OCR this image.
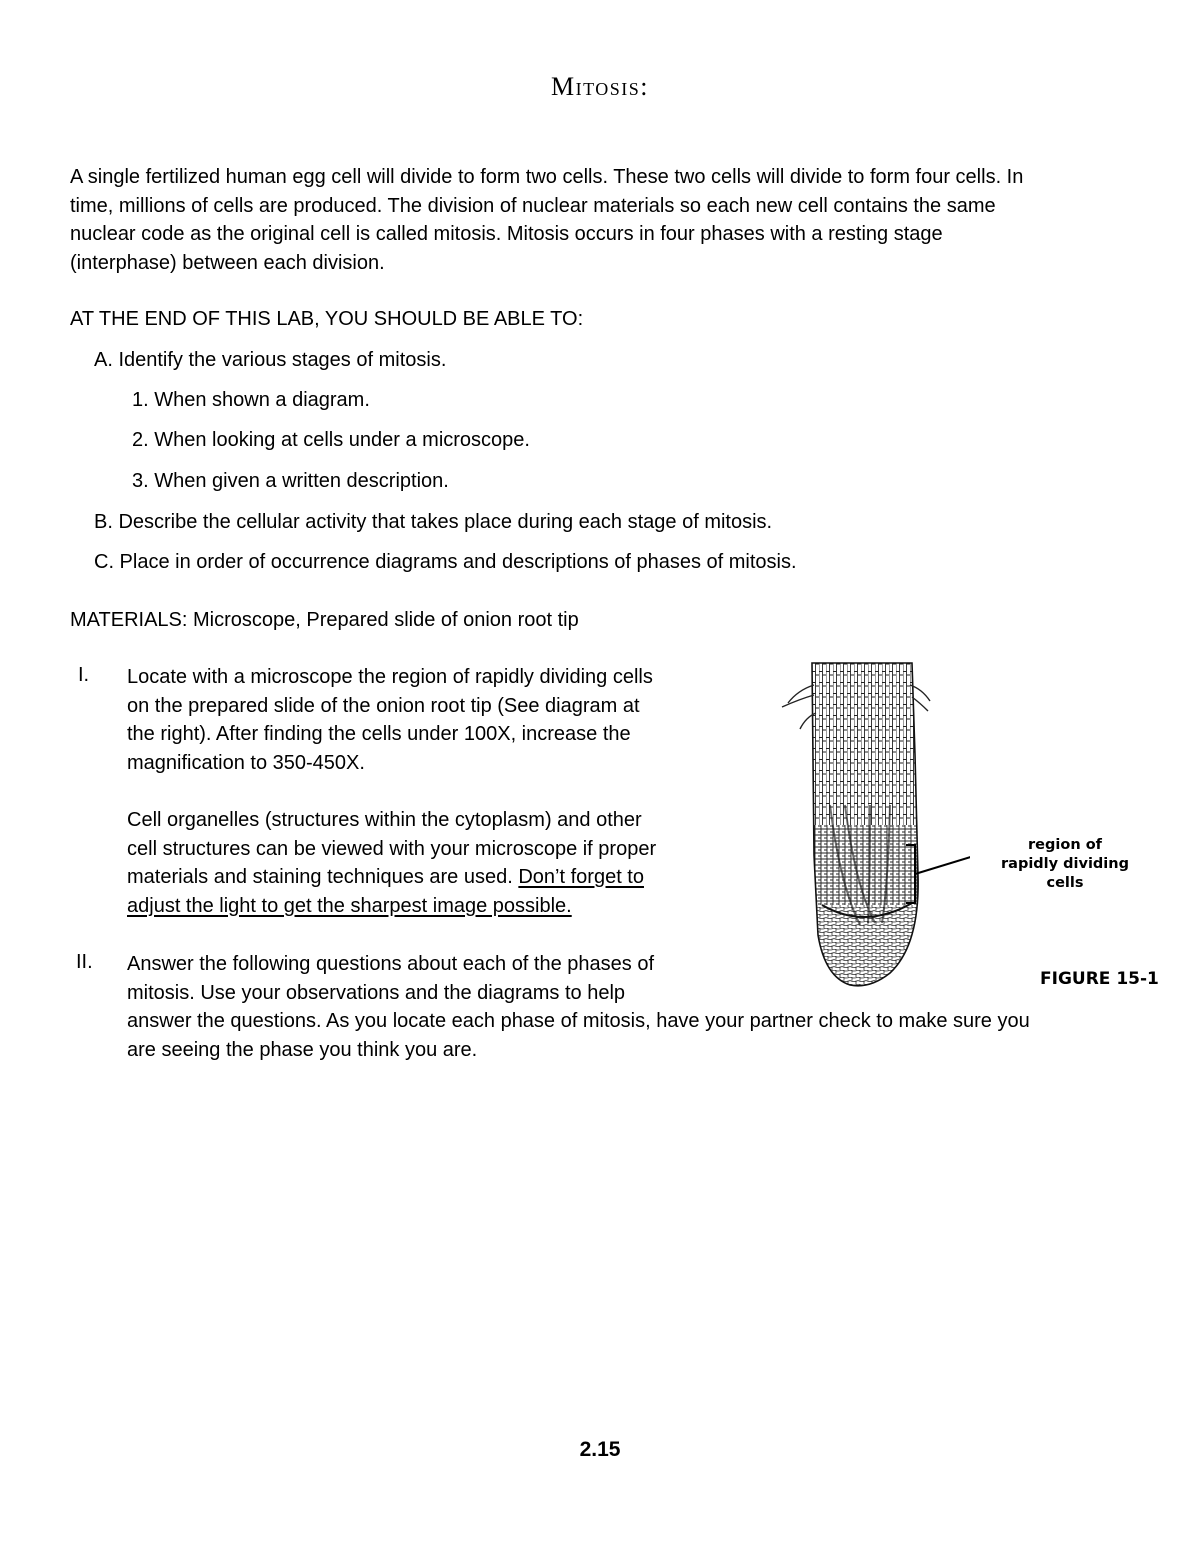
Mitosis:
A single fertilized human egg cell will divide to form two cells. These two cells will divide to form four cells. In
time, millions of cells are produced. The division of nuclear materials so each new cell contains the same
nuclear code as the original cell is called mitosis. Mitosis occurs in four phases with a resting stage
(interphase) between each division.
AT THE END OF THIS LAB, YOU SHOULD BE ABLE TO:
A. Identify the various stages of mitosis.
1. When shown a diagram.
2. When looking at cells under a microscope.
3. When given a written description.
B. Describe the cellular activity that takes place during each stage of mitosis.
C. Place in order of occurrence diagrams and descriptions of phases of mitosis.
MATERIALS: Microscope, Prepared slide of onion root tip
I. Locate with a microscope the region of rapidly dividing cells
on the prepared slide of the onion root tip (See diagram at
the right). After finding the cells under 100X, increase the
magnification to 350-450X.
Cell organelles (structures within the cytoplasm) and other
cell structures can be viewed with your microscope if proper
materials and staining techniques are used. Don’t forget to
adjust the light to get the sharpest image possible.
II. Answer the following questions about each of the phases of
mitosis. Use your observations and the diagrams to help
answer the questions. As you locate each phase of mitosis, have your partner check to make sure you
are seeing the phase you think you are.
region of
rapidly dividing
cells
FIGURE 15-1
2.15
